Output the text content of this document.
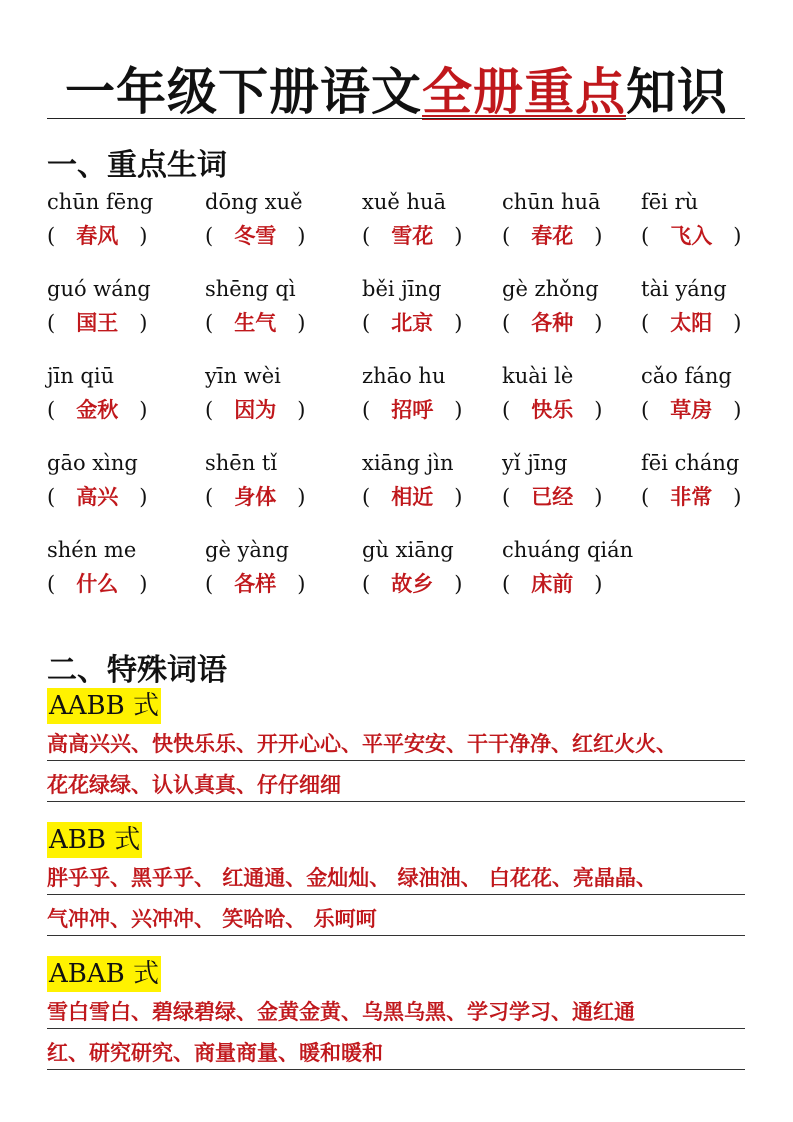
一年级下册语文全册重点知识
一、重点生词
chūn fēng
(  春风  )
dōng xuě
(  冬雪  )
xuě huā
(  雪花  )
chūn huā
(  春花  )
fēi rù
(  飞入  )
guó wáng
(  国王  )
shēng qì
(  生气  )
běi jīng
(  北京  )
gè zhǒng
(  各种  )
tài yáng
(  太阳  )
jīn qiū
(  金秋  )
yīn wèi
(  因为  )
zhāo hu
(  招呼  )
kuài lè
(  快乐  )
cǎo fáng
(  草房  )
gāo xìng
(  高兴  )
shēn tǐ
(  身体  )
xiāng jìn
(  相近  )
yǐ jīng
(  已经  )
fēi cháng
(  非常  )
shén me
(  什么  )
gè yàng
(  各样  )
gù xiāng
(  故乡  )
chuáng qián
(  床前  )
二、特殊词语
AABB 式
高高兴兴、快快乐乐、开开心心、平平安安、干干净净、红红火火、
花花绿绿、认认真真、仔仔细细
ABB 式
胖乎乎、黑乎乎、 红通通、金灿灿、 绿油油、 白花花、亮晶晶、
气冲冲、兴冲冲、 笑哈哈、 乐呵呵
ABAB 式
雪白雪白、碧绿碧绿、金黄金黄、乌黑乌黑、学习学习、通红通
红、研究研究、商量商量、暖和暖和
